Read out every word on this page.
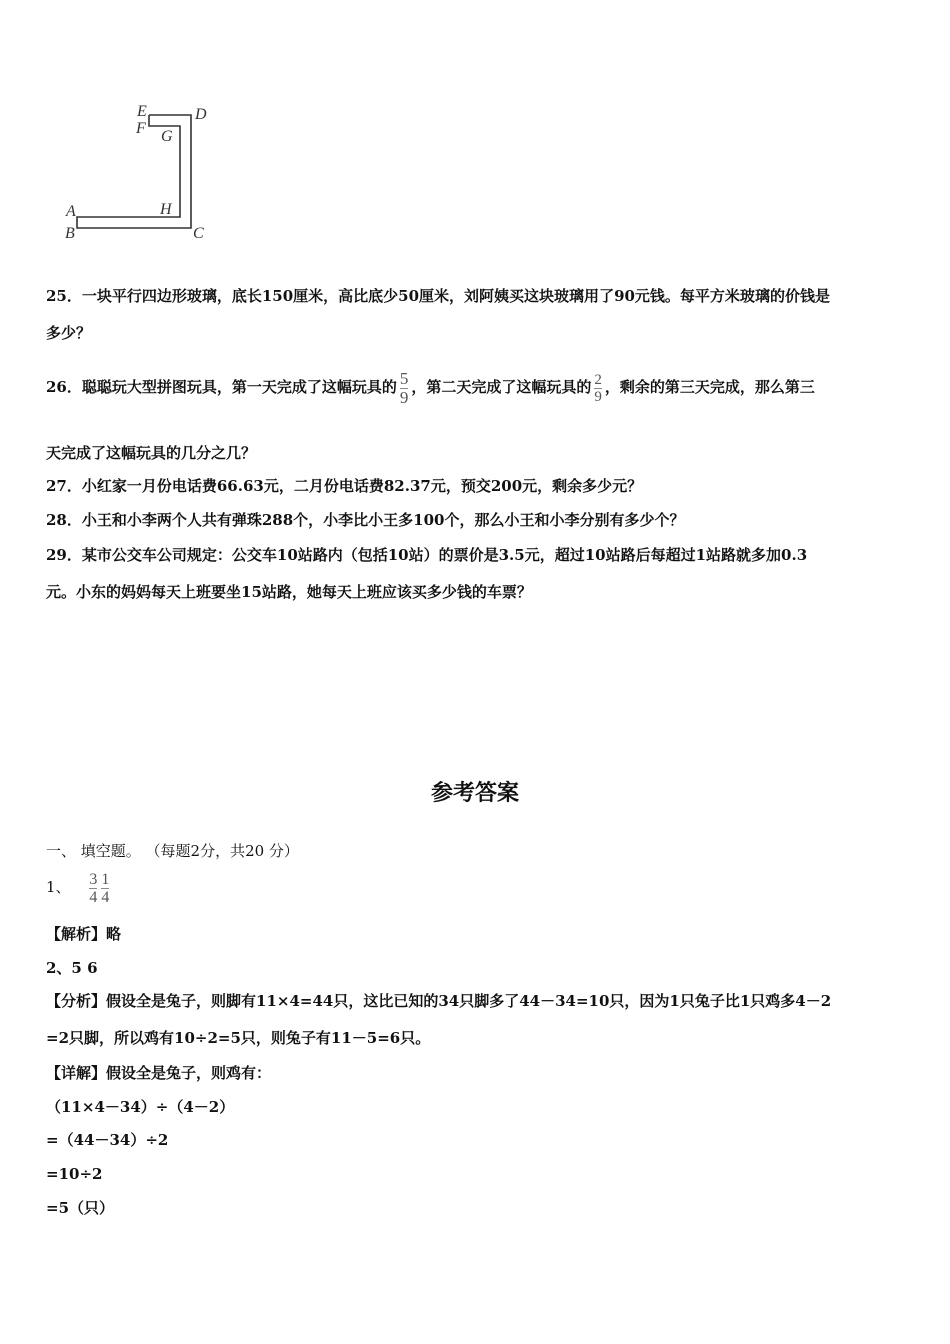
E
F
D
G
A	H
B	C
25．一块平行四边形玻璃，底长150厘米，高比底少50厘米，刘阿姨买这块玻璃用了90元钱。每平方米玻璃的价钱是
多少？
26．聪聪玩大型拼图玩具，第一天完成了这幅玩具的 $\frac{5}{9}$ ，第二天完成了这幅玩具的 $\frac{2}{9}$ ，剩余的第三天完成，那么第三
天完成了这幅玩具的几分之几？
27．小红家一月份电话费66.63元，二月份电话费82.37元，预交200元，剩余多少元？
28．小王和小李两个人共有弹珠288个，小李比小王多100个，那么小王和小李分别有多少个？
29．某市公交车公司规定：公交车10站路内（包括10站）的票价是3.5元，超过10站路后每超过1站路就多加0.3
元。小东的妈妈每天上班要坐15站路，她每天上班应该买多少钱的车票？
参考答案
一、 填空题。 （每题2分，共20 分）
1、 $\frac{3}{4} \frac{1}{4}$
【解析】略
2、5 6
【分析】假设全是兔子，则脚有11×4=44只，这比已知的34只脚多了44－34=10只，因为1只兔子比1只鸡多4－2
=2只脚，所以鸡有10÷2=5只，则兔子有11－5=6只。
【详解】假设全是兔子，则鸡有：
（11×4－34）÷（4－2）
=（44－34）÷2
=10÷2
=5（只）
